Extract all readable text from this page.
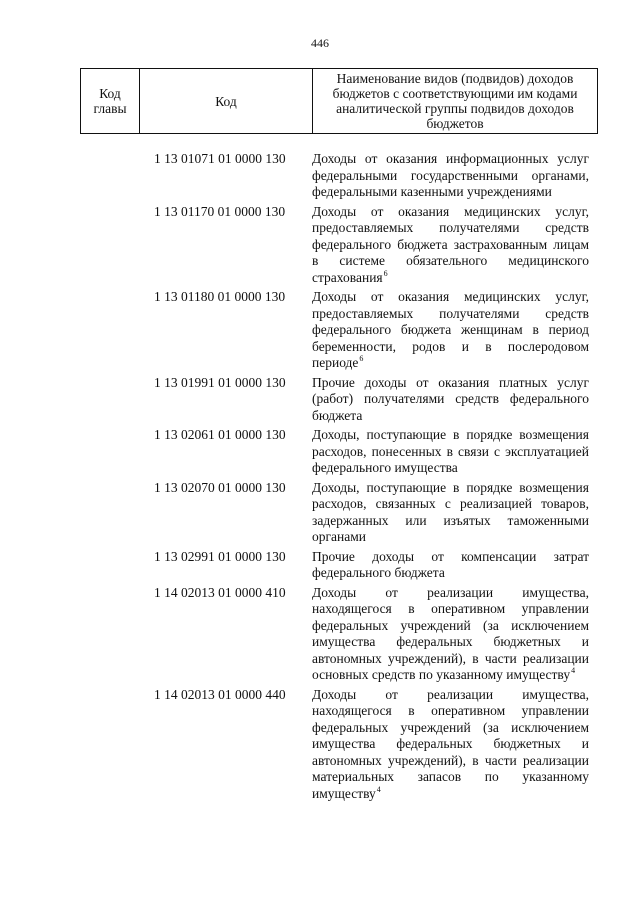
446
Код главы	Код	Наименование видов (подвидов) доходов бюджетов с соответствующими им кодами аналитической группы подвидов доходов бюджетов
1 13 01071 01 0000 130	Доходы от оказания информационных услуг федеральными государственными органами, федеральными казенными учреждениями
1 13 01170 01 0000 130	Доходы от оказания медицинских услуг, предоставляемых получателями средств федерального бюджета застрахованным лицам в системе обязательного медицинского страхования$^6$
1 13 01180 01 0000 130	Доходы от оказания медицинских услуг, предоставляемых получателями средств федерального бюджета женщинам в период беременности, родов и в послеродовом периоде$^6$
1 13 01991 01 0000 130	Прочие доходы от оказания платных услуг (работ) получателями средств федерального бюджета
1 13 02061 01 0000 130	Доходы, поступающие в порядке возмещения расходов, понесенных в связи с эксплуатацией федерального имущества
1 13 02070 01 0000 130	Доходы, поступающие в порядке возмещения расходов, связанных с реализацией товаров, задержанных или изъятых таможенными органами
1 13 02991 01 0000 130	Прочие доходы от компенсации затрат федерального бюджета
1 14 02013 01 0000 410	Доходы от реализации имущества, находящегося в оперативном управлении федеральных учреждений (за исключением имущества федеральных бюджетных и автономных учреждений), в части реализации основных средств по указанному имуществу$^4$
1 14 02013 01 0000 440	Доходы от реализации имущества, находящегося в оперативном управлении федеральных учреждений (за исключением имущества федеральных бюджетных и автономных учреждений), в части реализации материальных запасов по указанному имуществу$^4$
